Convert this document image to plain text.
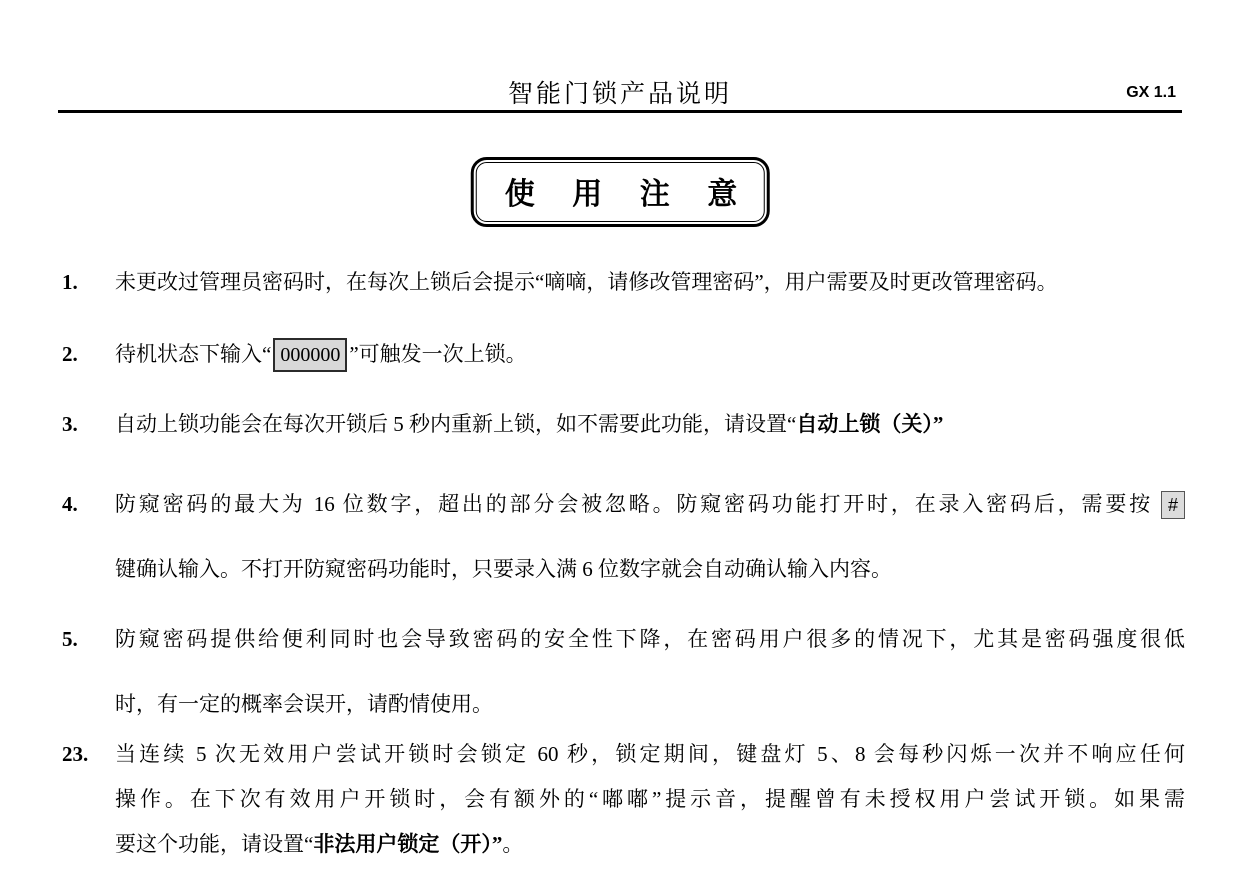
智能门锁产品说明	GX 1.1
使 用 注 意
1.	未更改过管理员密码时，在每次上锁后会提示“嘀嘀，请修改管理密码”，用户需要及时更改管理密码。
2.	待机状态下输入“ 000000 ”可触发一次上锁。
3.	自动上锁功能会在每次开锁后 5 秒内重新上锁，如不需要此功能，请设置“自动上锁（关）”
4.	防窥密码的最大为 16 位数字，超出的部分会被忽略。防窥密码功能打开时，在录入密码后，需要按 #
键确认输入。不打开防窥密码功能时，只要录入满 6 位数字就会自动确认输入内容。
5.	防窥密码提供给便利同时也会导致密码的安全性下降，在密码用户很多的情况下，尤其是密码强度很低
时，有一定的概率会误开，请酌情使用。
23.	当连续 5 次无效用户尝试开锁时会锁定 60 秒，锁定期间，键盘灯 5、8 会每秒闪烁一次并不响应任何
操作。在下次有效用户开锁时，会有额外的“嘟嘟”提示音，提醒曾有未授权用户尝试开锁。如果需
要这个功能，请设置“非法用户锁定（开）”。
